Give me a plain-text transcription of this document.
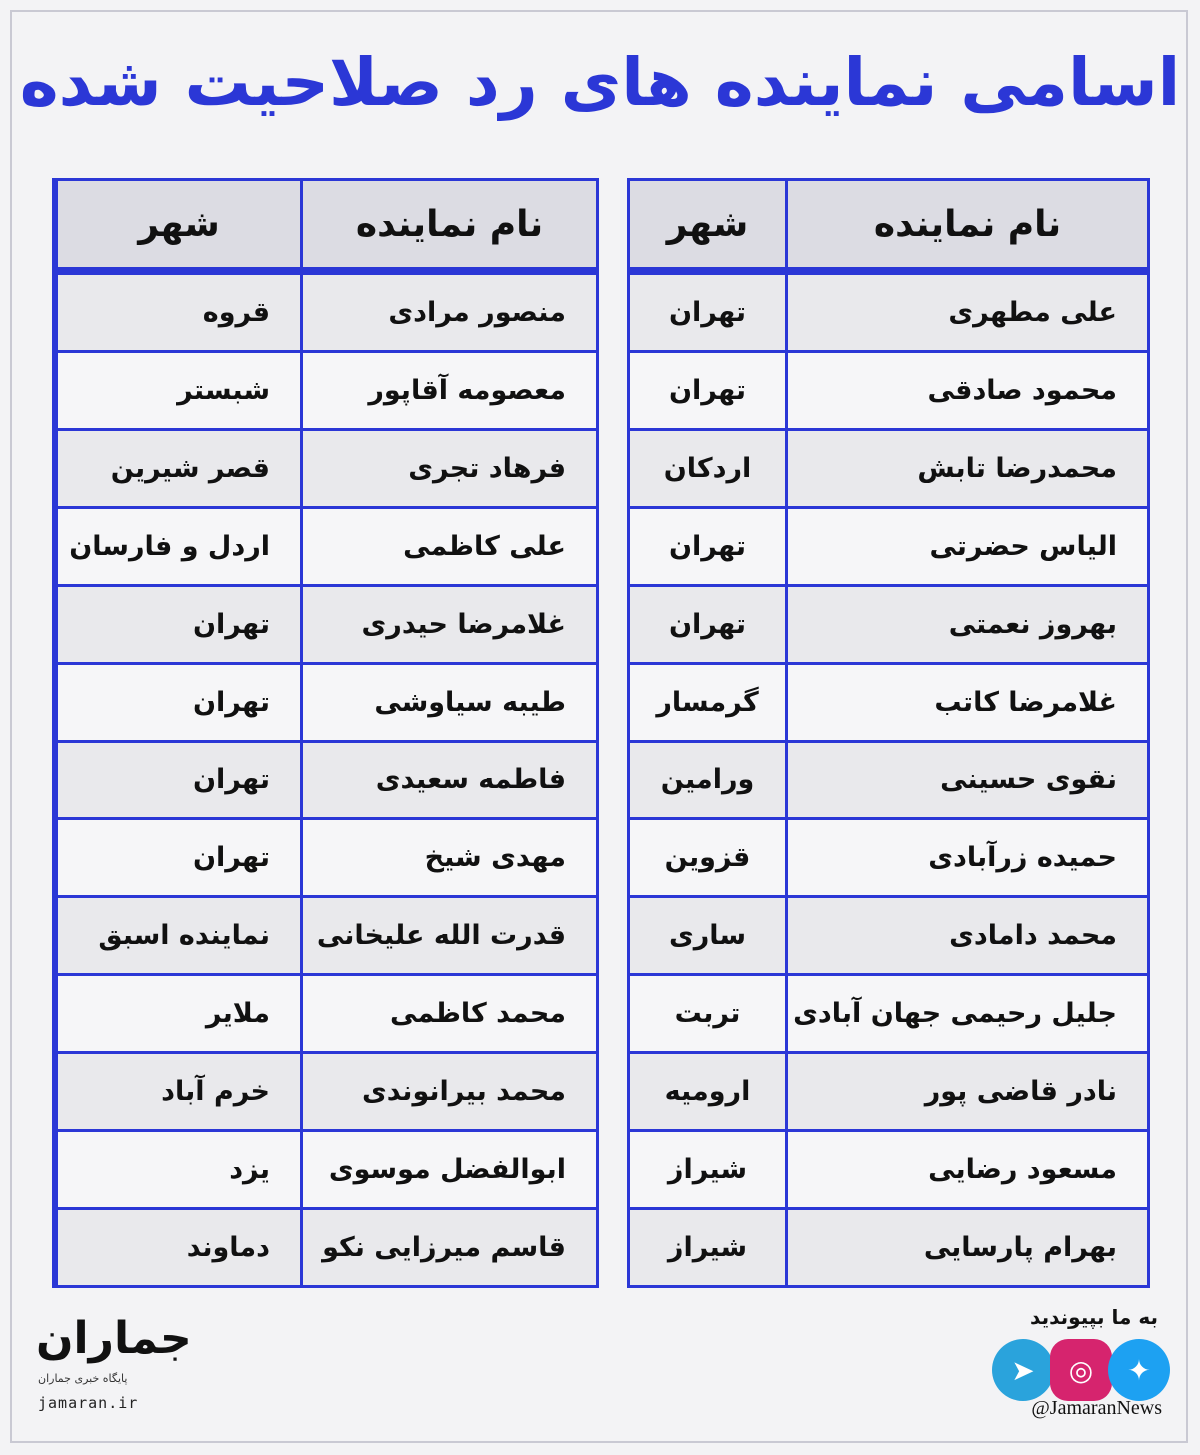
اسامی نماینده های رد صلاحیت شده
نام نماینده
شهر
علی مطهری
تهران
محمود صادقی
تهران
محمدرضا تابش
اردکان
الیاس حضرتی
تهران
بهروز نعمتی
تهران
غلامرضا کاتب
گرمسار
نقوی حسینی
ورامین
حمیده زرآبادی
قزوین
محمد دامادی
ساری
جلیل رحیمی جهان آبادی
تربت
نادر قاضی پور
ارومیه
مسعود رضایی
شیراز
بهرام پارسایی
شیراز
نام نماینده
شهر
منصور مرادی
قروه
معصومه آقاپور
شبستر
فرهاد تجری
قصر شیرین
علی کاظمی
اردل و فارسان
غلامرضا حیدری
تهران
طیبه سیاوشی
تهران
فاطمه سعیدی
تهران
مهدی شیخ
تهران
قدرت الله علیخانی
نماینده اسبق
محمد کاظمی
ملایر
محمد بیرانوندی
خرم آباد
ابوالفضل موسوی
یزد
قاسم میرزایی نکو
دماوند
به ما بپیوندید
➤	◎	✦
@JamaranNews
جماران
پایگاه خبری جماران
jamaran.ir
